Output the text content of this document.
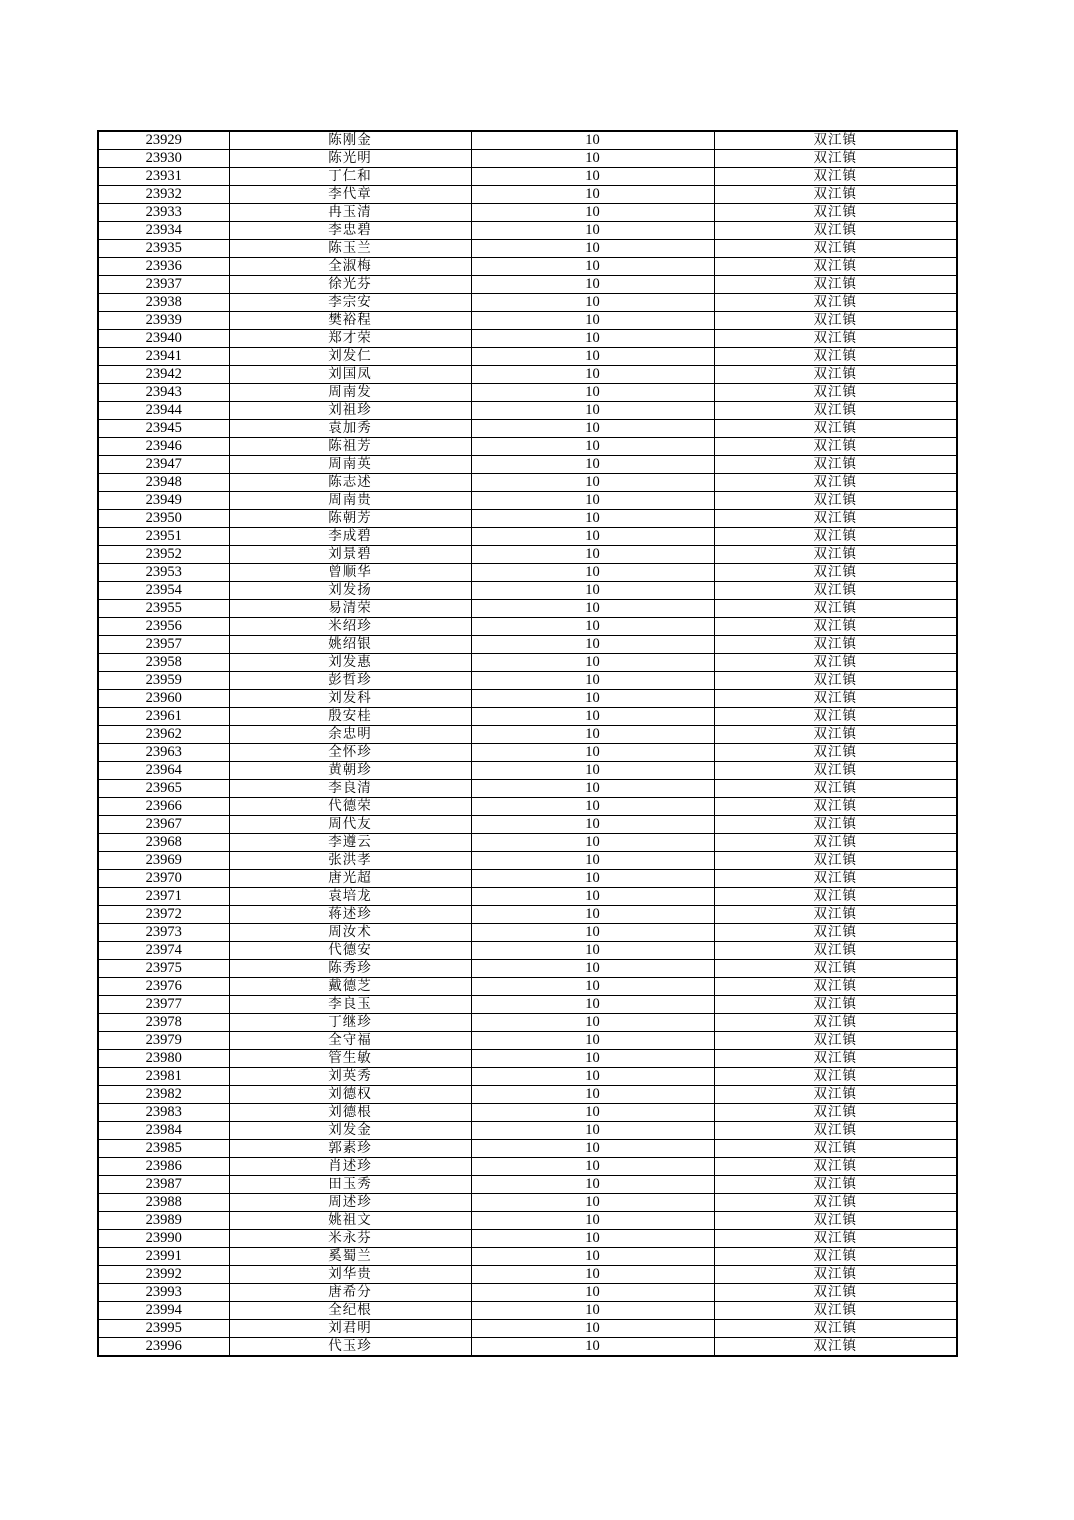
23929	陈刚金	10	双江镇
23930	陈光明	10	双江镇
23931	丁仁和	10	双江镇
23932	李代章	10	双江镇
23933	冉玉清	10	双江镇
23934	李忠碧	10	双江镇
23935	陈玉兰	10	双江镇
23936	全淑梅	10	双江镇
23937	徐光芬	10	双江镇
23938	李宗安	10	双江镇
23939	樊裕程	10	双江镇
23940	郑才荣	10	双江镇
23941	刘发仁	10	双江镇
23942	刘国凤	10	双江镇
23943	周南发	10	双江镇
23944	刘祖珍	10	双江镇
23945	袁加秀	10	双江镇
23946	陈祖芳	10	双江镇
23947	周南英	10	双江镇
23948	陈志述	10	双江镇
23949	周南贵	10	双江镇
23950	陈朝芳	10	双江镇
23951	李成碧	10	双江镇
23952	刘景碧	10	双江镇
23953	曾顺华	10	双江镇
23954	刘发扬	10	双江镇
23955	易清荣	10	双江镇
23956	米绍珍	10	双江镇
23957	姚绍银	10	双江镇
23958	刘发惠	10	双江镇
23959	彭哲珍	10	双江镇
23960	刘发科	10	双江镇
23961	殷安桂	10	双江镇
23962	余忠明	10	双江镇
23963	全怀珍	10	双江镇
23964	黄朝珍	10	双江镇
23965	李良清	10	双江镇
23966	代德荣	10	双江镇
23967	周代友	10	双江镇
23968	李遵云	10	双江镇
23969	张洪孝	10	双江镇
23970	唐光超	10	双江镇
23971	袁培龙	10	双江镇
23972	蒋述珍	10	双江镇
23973	周汝术	10	双江镇
23974	代德安	10	双江镇
23975	陈秀珍	10	双江镇
23976	戴德芝	10	双江镇
23977	李良玉	10	双江镇
23978	丁继珍	10	双江镇
23979	全守福	10	双江镇
23980	管生敏	10	双江镇
23981	刘英秀	10	双江镇
23982	刘德权	10	双江镇
23983	刘德根	10	双江镇
23984	刘发金	10	双江镇
23985	郭素珍	10	双江镇
23986	肖述珍	10	双江镇
23987	田玉秀	10	双江镇
23988	周述珍	10	双江镇
23989	姚祖文	10	双江镇
23990	米永芬	10	双江镇
23991	奚蜀兰	10	双江镇
23992	刘华贵	10	双江镇
23993	唐希分	10	双江镇
23994	全纪根	10	双江镇
23995	刘君明	10	双江镇
23996	代玉珍	10	双江镇
